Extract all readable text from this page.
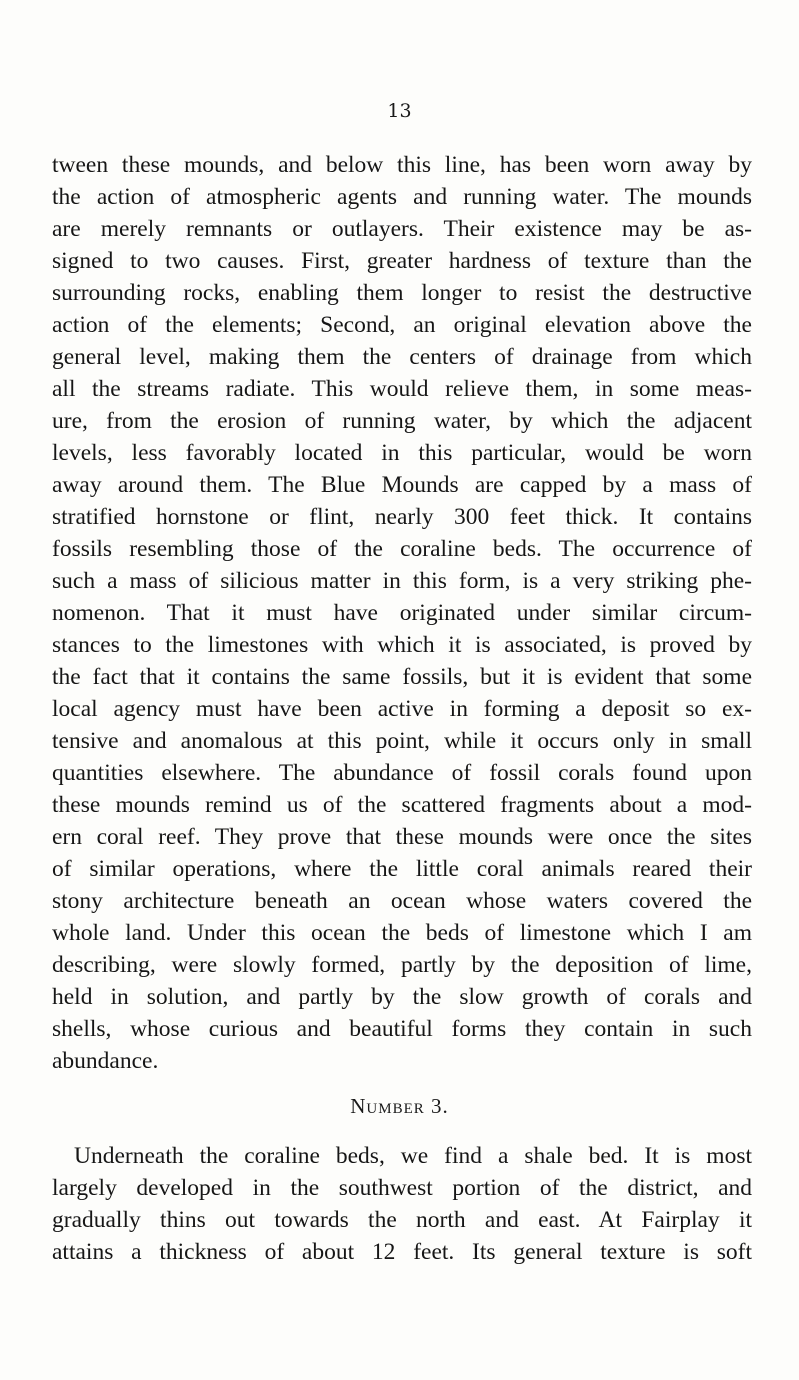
13
tween these mounds, and below this line, has been worn away by
the action of atmospheric agents and running water. The mounds
are merely remnants or outlayers. Their existence may be as-
signed to two causes. First, greater hardness of texture than the
surrounding rocks, enabling them longer to resist the destructive
action of the elements; Second, an original elevation above the
general level, making them the centers of drainage from which
all the streams radiate. This would relieve them, in some meas-
ure, from the erosion of running water, by which the adjacent
levels, less favorably located in this particular, would be worn
away around them. The Blue Mounds are capped by a mass of
stratified hornstone or flint, nearly 300 feet thick. It contains
fossils resembling those of the coraline beds. The occurrence of
such a mass of silicious matter in this form, is a very striking phe-
nomenon. That it must have originated under similar circum-
stances to the limestones with which it is associated, is proved by
the fact that it contains the same fossils, but it is evident that some
local agency must have been active in forming a deposit so ex-
tensive and anomalous at this point, while it occurs only in small
quantities elsewhere. The abundance of fossil corals found upon
these mounds remind us of the scattered fragments about a mod-
ern coral reef. They prove that these mounds were once the sites
of similar operations, where the little coral animals reared their
stony architecture beneath an ocean whose waters covered the
whole land. Under this ocean the beds of limestone which I am
describing, were slowly formed, partly by the deposition of lime,
held in solution, and partly by the slow growth of corals and
shells, whose curious and beautiful forms they contain in such
abundance.
Number 3.
Underneath the coraline beds, we find a shale bed. It is most
largely developed in the southwest portion of the district, and
gradually thins out towards the north and east. At Fairplay it
attains a thickness of about 12 feet. Its general texture is soft
